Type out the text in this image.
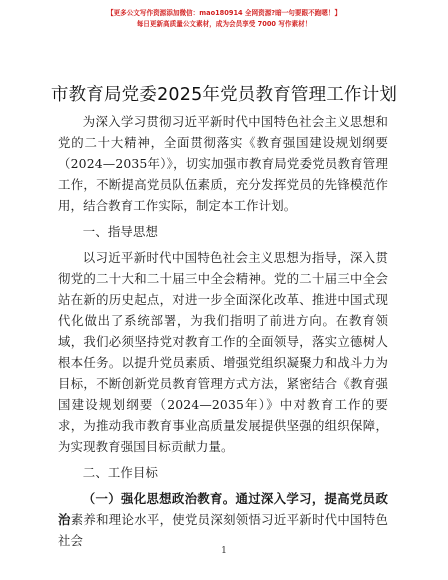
【更多公文写作资源添加微信：mao180914 全网资源?暗一句要跟不跑嗯！】
每日更新高质量公文素材，成为会员享受 7000 写作素材！
市教育局党委2025年党员教育管理工作计划

为深入学习贯彻习近平新时代中国特色社会主义思想和党的二十大精神，全面贯彻落实《教育强国建设规划纲要（2024—2035年）》，切实加强市教育局党委党员教育管理工作，不断提高党员队伍素质，充分发挥党员的先锋模范作用，结合教育工作实际，制定本工作计划。

一、指导思想

以习近平新时代中国特色社会主义思想为指导，深入贯彻党的二十大和二十届三中全会精神。党的二十届三中全会站在新的历史起点，对进一步全面深化改革、推进中国式现代化做出了系统部署，为我们指明了前进方向。在教育领域，我们必须坚持党对教育工作的全面领导，落实立德树人根本任务。以提升党员素质、增强党组织凝聚力和战斗力为目标，不断创新党员教育管理方式方法，紧密结合《教育强国建设规划纲要（2024—2035年）》中对教育工作的要求，为推动我市教育事业高质量发展提供坚强的组织保障，为实现教育强国目标贡献力量。

二、工作目标

（一）强化思想政治教育。通过深入学习，提高党员政治素养和理论水平，使党员深刻领悟习近平新时代中国特色社会

1
